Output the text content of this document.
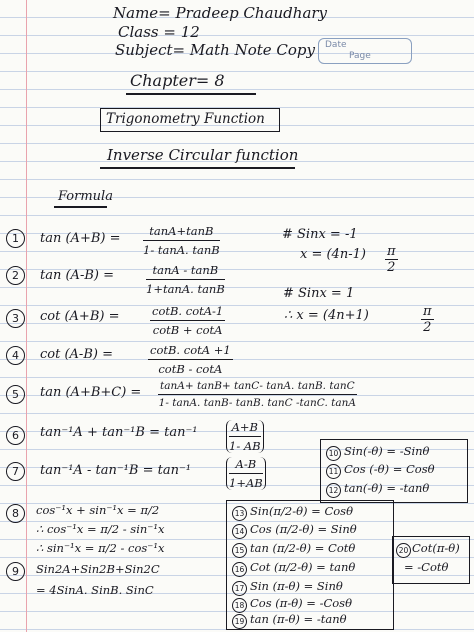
Name= Pradeep Chaudhary
Class = 12
Subject= Math Note Copy Date
Page
Chapter= 8
Trigonometry Function
Inverse Circular function
Formula
1	$\tan (A+B) = \frac{\tan A+\tan B}{1- \tan A. \tan B}$	# Sinx = -1
$x = (4n-1) \frac{\pi}{2}$
2	tan (A-B) =	$\frac{\tan A - \tan B}{1+\tan A. \tan B}$	# Sinx = 1
∴ x = (4n+1)	$\frac{\pi}{2}$
3	cot (A+B) =	$\frac{\cot B. \cot A-1}{\cot B + \cot A}$
4	cot (A-B) =	$\frac{\cot B. \cot A +1}{\cot B - \cot A}$
5	$\tan (A+B+C) = \frac{\tan A+ \tan B+ \tan C- \tan A. \tan B. \tan C}{1- \tan A. \tan B- \tan B. \tan C -\tan C. \tan A}$
6	$\tan^{-1}A + \tan^{-1}B = \tan^{-1} \frac{A+B}{1- AB}$
7	tan⁻¹A - tan⁻¹B = tan⁻¹	$\frac{A-B}{1+AB}$
10 Sin(-θ) = -Sinθ
11 Cos (-θ) = Cosθ
12 tan(-θ) = -tanθ
8	cos⁻¹x + sin⁻¹x = π/2
∴ cos⁻¹x = π/2 - sin⁻¹x
∴ sin⁻¹x = π/2 - cos⁻¹x
9	Sin2A+Sin2B+Sin2C
= 4SinA. SinB. SinC
13 Sin(π/2-θ) = Cosθ
14 Cos (π/2-θ) = Sinθ
15 tan (π/2-θ) = Cotθ
16 Cot (π/2-θ) = tanθ
17 Sin (π-θ) = Sinθ
18 Cos (π-θ) = -Cosθ
19 tan (π-θ) = -tanθ
20 Cot(π-θ)
= -Cotθ
